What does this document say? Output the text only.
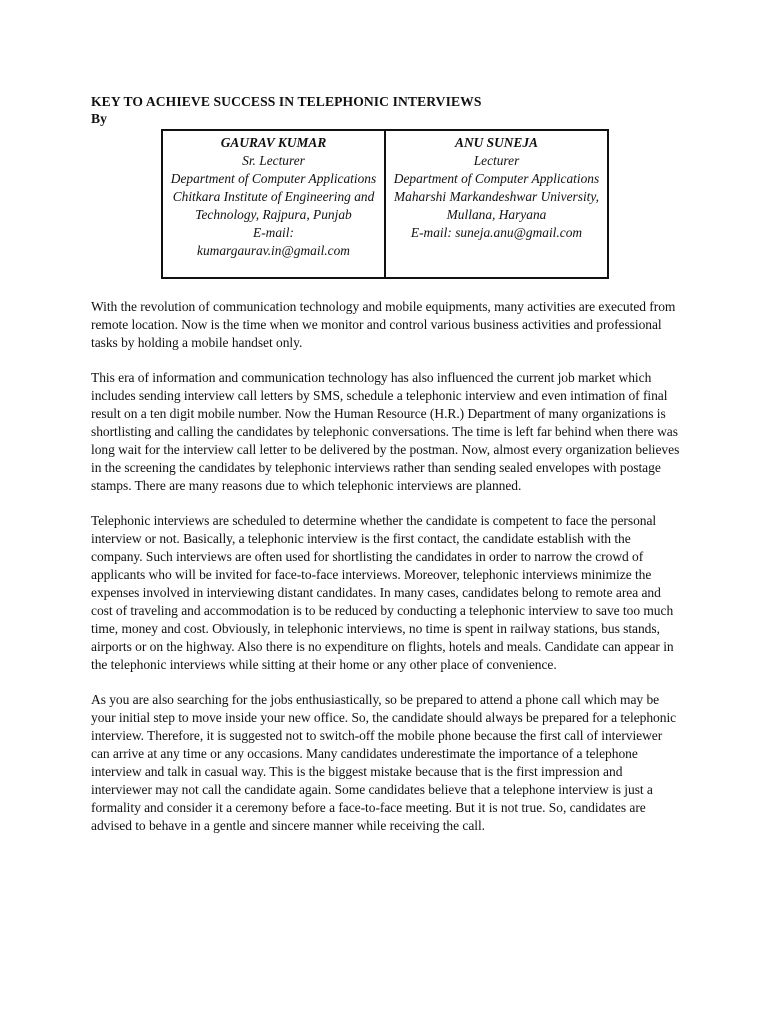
KEY TO ACHIEVE SUCCESS IN TELEPHONIC INTERVIEWS

By

GAURAV KUMAR
Sr. Lecturer
Department of Computer Applications
Chitkara Institute of Engineering and Technology, Rajpura, Punjab
E-mail:
kumargaurav.in@gmail.com
ANU SUNEJA
Lecturer
Department of Computer Applications
Maharshi Markandeshwar University, Mullana, Haryana
E-mail: suneja.anu@gmail.com

With the revolution of communication technology and mobile equipments, many activities are executed from remote location. Now is the time when we monitor and control various business activities and professional tasks by holding a mobile handset only.

This era of information and communication technology has also influenced the current job market which includes sending interview call letters by SMS, schedule a telephonic interview and even intimation of final result on a ten digit mobile number. Now the Human Resource (H.R.) Department of many organizations is shortlisting and calling the candidates by telephonic conversations. The time is left far behind when there was long wait for the interview call letter to be delivered by the postman. Now, almost every organization believes in the screening the candidates by telephonic interviews rather than sending sealed envelopes with postage stamps. There are many reasons due to which telephonic interviews are planned.

Telephonic interviews are scheduled to determine whether the candidate is competent to face the personal interview or not. Basically, a telephonic interview is the first contact, the candidate establish with the company. Such interviews are often used for shortlisting the candidates in order to narrow the crowd of applicants who will be invited for face-to-face interviews. Moreover, telephonic interviews minimize the expenses involved in interviewing distant candidates. In many cases, candidates belong to remote area and cost of traveling and accommodation is to be reduced by conducting a telephonic interview to save too much time, money and cost. Obviously, in telephonic interviews, no time is spent in railway stations, bus stands, airports or on the highway. Also there is no expenditure on flights, hotels and meals. Candidate can appear in the telephonic interviews while sitting at their home or any other place of convenience.

As you are also searching for the jobs enthusiastically, so be prepared to attend a phone call which may be your initial step to move inside your new office. So, the candidate should always be prepared for a telephonic interview. Therefore, it is suggested not to switch-off the mobile phone because the first call of interviewer can arrive at any time or any occasions. Many candidates underestimate the importance of a telephone interview and talk in casual way. This is the biggest mistake because that is the first impression and interviewer may not call the candidate again. Some candidates believe that a telephone interview is just a formality and consider it a ceremony before a face-to-face meeting. But it is not true. So, candidates are advised to behave in a gentle and sincere manner while receiving the call.
